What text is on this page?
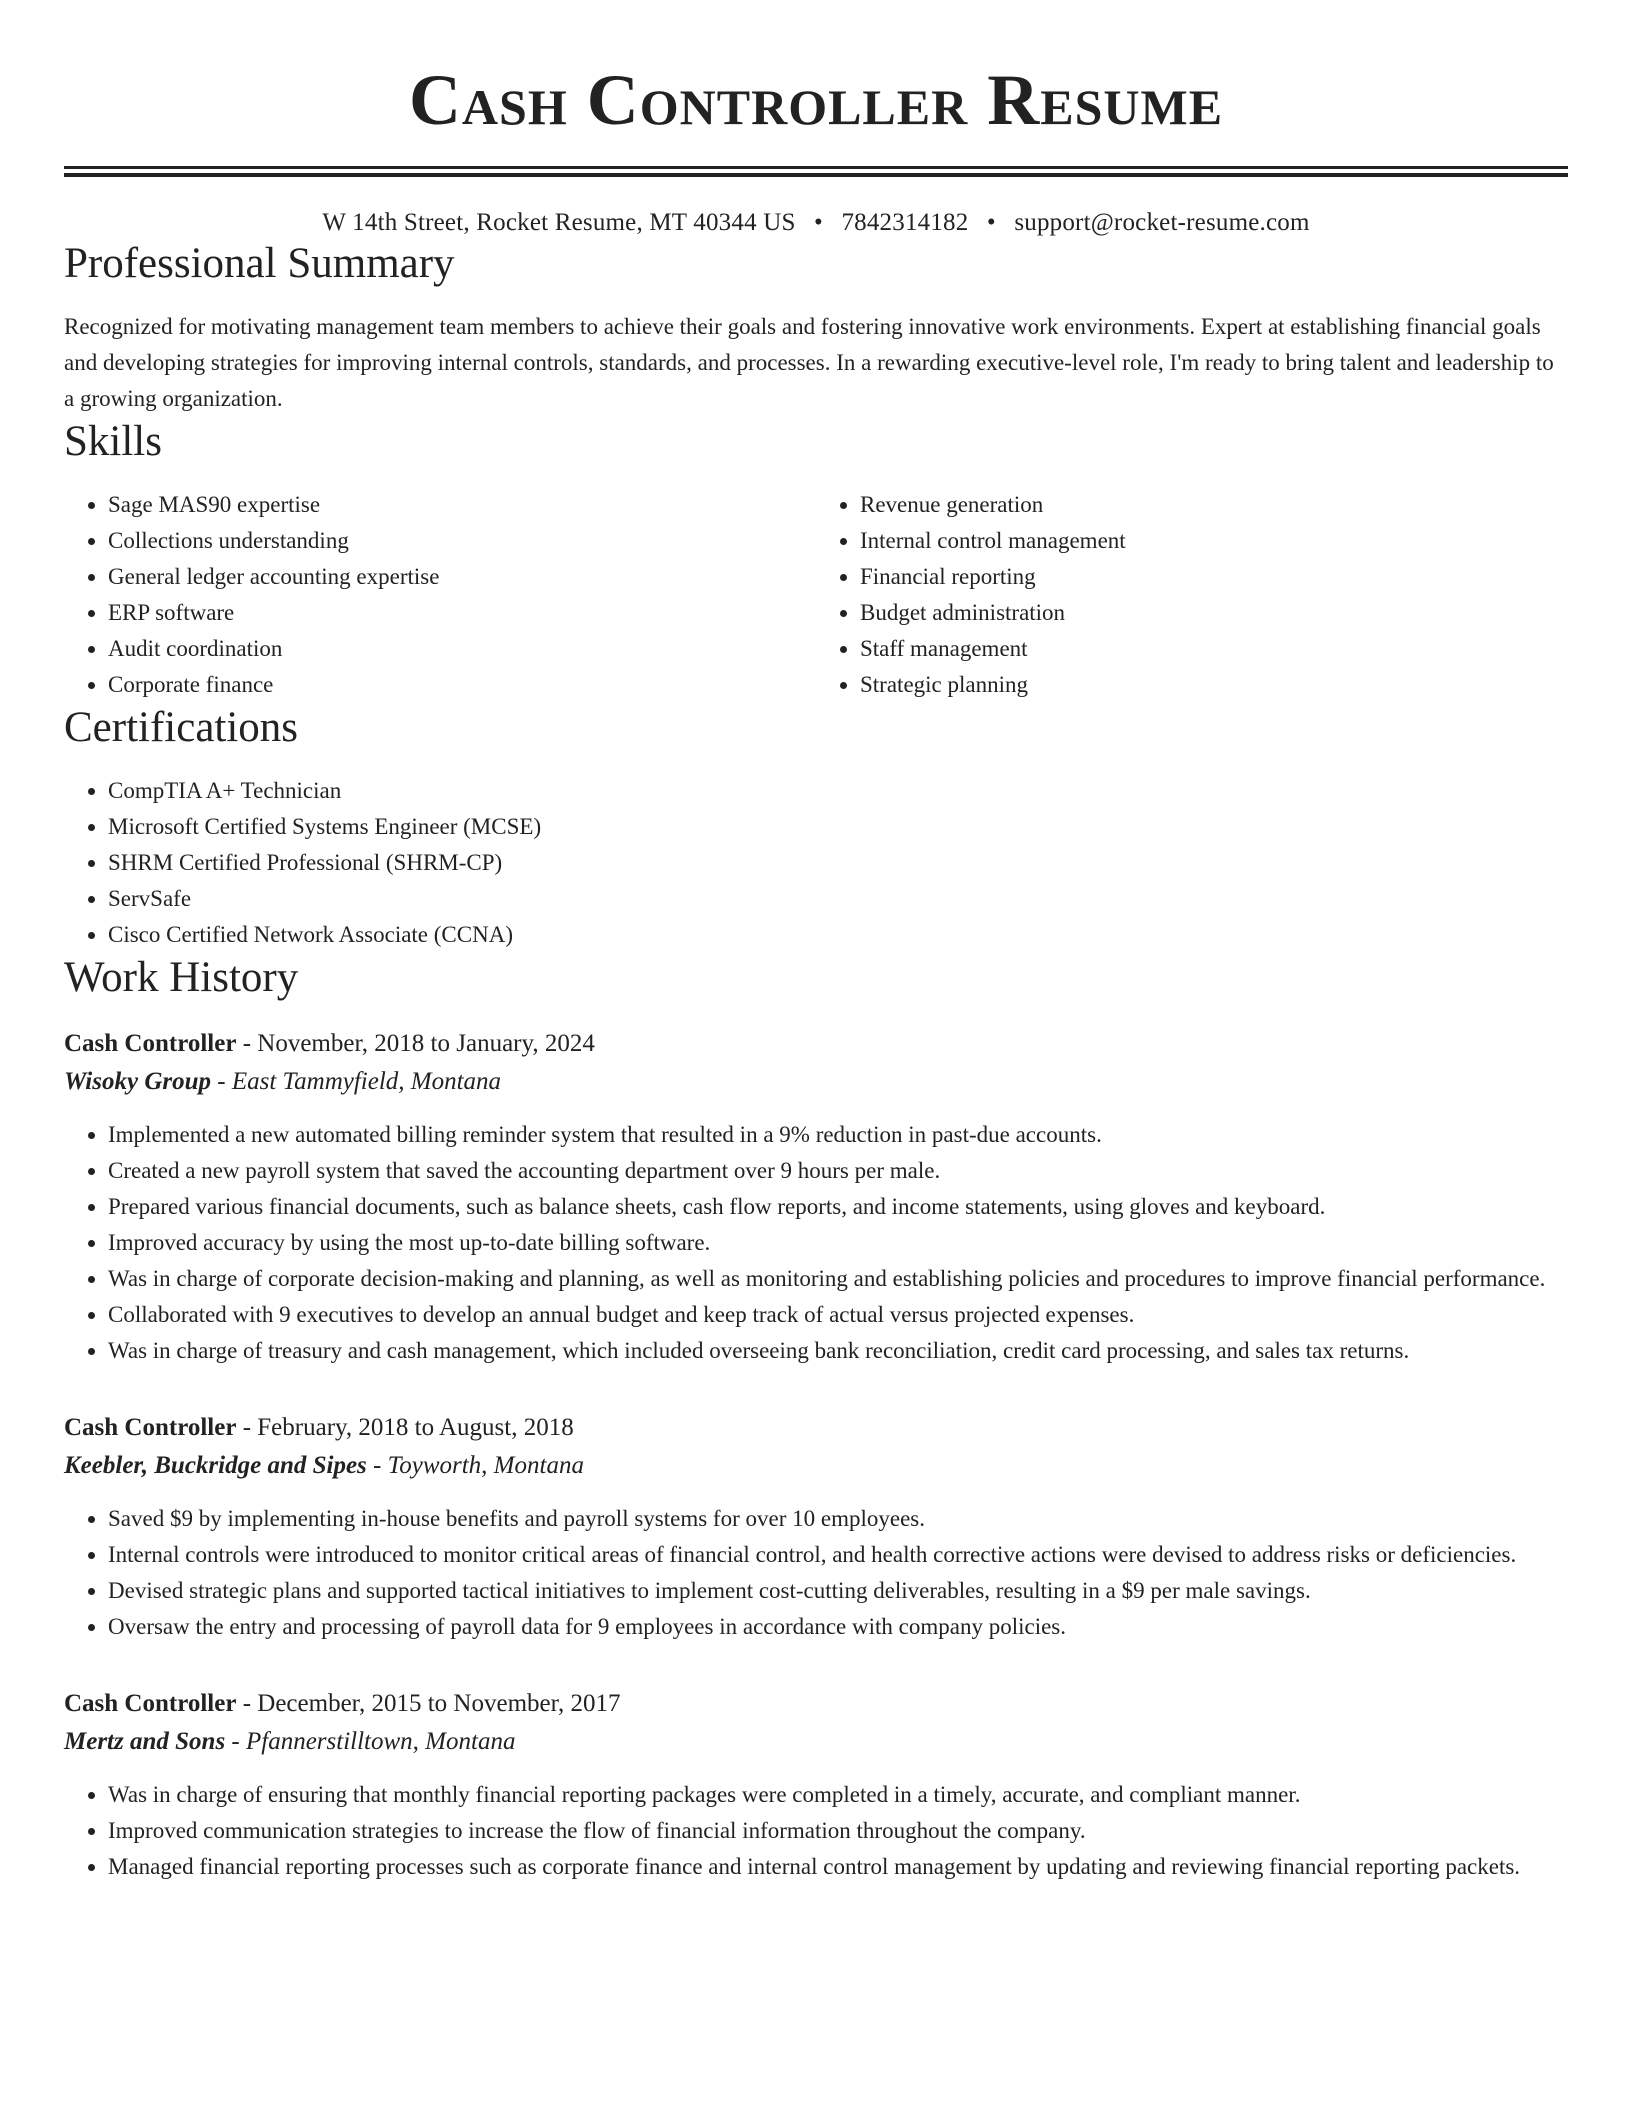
Cash Controller Resume
W 14th Street, Rocket Resume, MT 40344 US • 7842314182 • support@rocket-resume.com
Professional Summary

Recognized for motivating management team members to achieve their goals and fostering innovative work environments. Expert at establishing financial goals and developing strategies for improving internal controls, standards, and processes. In a rewarding executive-level role, I'm ready to bring talent and leadership to a growing organization.

Skills
• Sage MAS90 expertise
• Collections understanding
• General ledger accounting expertise
• ERP software
• Audit coordination
• Corporate finance
• Revenue generation
• Internal control management
• Financial reporting
• Budget administration
• Staff management
• Strategic planning
Certifications
• CompTIA A+ Technician
• Microsoft Certified Systems Engineer (MCSE)
• SHRM Certified Professional (SHRM-CP)
• ServSafe
• Cisco Certified Network Associate (CCNA)
Work History
Cash Controller - November, 2018 to January, 2024
Wisoky Group - East Tammyfield, Montana
• Implemented a new automated billing reminder system that resulted in a 9% reduction in past-due accounts.
• Created a new payroll system that saved the accounting department over 9 hours per male.
• Prepared various financial documents, such as balance sheets, cash flow reports, and income statements, using gloves and keyboard.
• Improved accuracy by using the most up-to-date billing software.
• Was in charge of corporate decision-making and planning, as well as monitoring and establishing policies and procedures to improve financial performance.
• Collaborated with 9 executives to develop an annual budget and keep track of actual versus projected expenses.
• Was in charge of treasury and cash management, which included overseeing bank reconciliation, credit card processing, and sales tax returns.
Cash Controller - February, 2018 to August, 2018
Keebler, Buckridge and Sipes - Toyworth, Montana
• Saved $9 by implementing in-house benefits and payroll systems for over 10 employees.
• Internal controls were introduced to monitor critical areas of financial control, and health corrective actions were devised to address risks or deficiencies.
• Devised strategic plans and supported tactical initiatives to implement cost-cutting deliverables, resulting in a $9 per male savings.
• Oversaw the entry and processing of payroll data for 9 employees in accordance with company policies.
Cash Controller - December, 2015 to November, 2017
Mertz and Sons - Pfannerstilltown, Montana
• Was in charge of ensuring that monthly financial reporting packages were completed in a timely, accurate, and compliant manner.
• Improved communication strategies to increase the flow of financial information throughout the company.
• Managed financial reporting processes such as corporate finance and internal control management by updating and reviewing financial reporting packets.
